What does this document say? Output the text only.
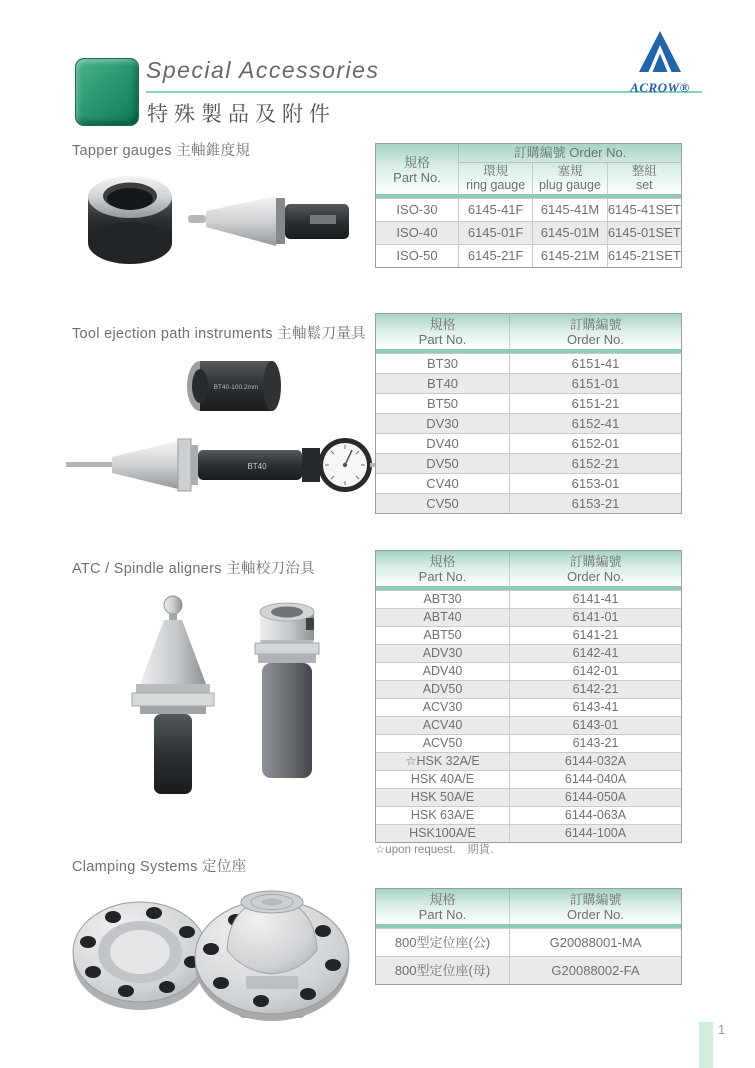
Special Accessories
特殊製品及附件
ACROW®
Tapper gauges 主軸錐度規
規格
Part No.
訂購編號 Order No.
環規
ring gauge
塞規
plug gauge
整組
set
ISO-30	6145-41F	6145-41M 6145-41SET
ISO-40	6145-01F	6145-01M 6145-01SET
ISO-50	6145-21F	6145-21M 6145-21SET
Tool ejection path instruments 主軸鬆刀量具
BT40-100.2mm
BT40
規格
Part No.
訂購編號
Order No.
BT30	6151-41
BT40	6151-01
BT50	6151-21
DV30	6152-41
DV40	6152-01
DV50	6152-21
CV40	6153-01
CV50	6153-21
ATC / Spindle aligners 主軸校刀治具	規格
Part No.
訂購編號
Order No.
ABT30	6141-41
ABT40	6141-01
ABT50	6141-21
ADV30	6142-41
ADV40	6142-01
ADV50	6142-21
ACV30	6143-41
ACV40	6143-01
ACV50	6143-21
☆HSK 32A/E	6144-032A
HSK 40A/E	6144-040A
HSK 50A/E	6144-050A
HSK 63A/E	6144-063A
HSK100A/E	6144-100A
☆upon request.　期貨.
Clamping Systems 定位座
規格
Part No.
訂購編號
Order No.
800型定位座(公)	G20088001-MA
800型定位座(母)	G20088002-FA
1
